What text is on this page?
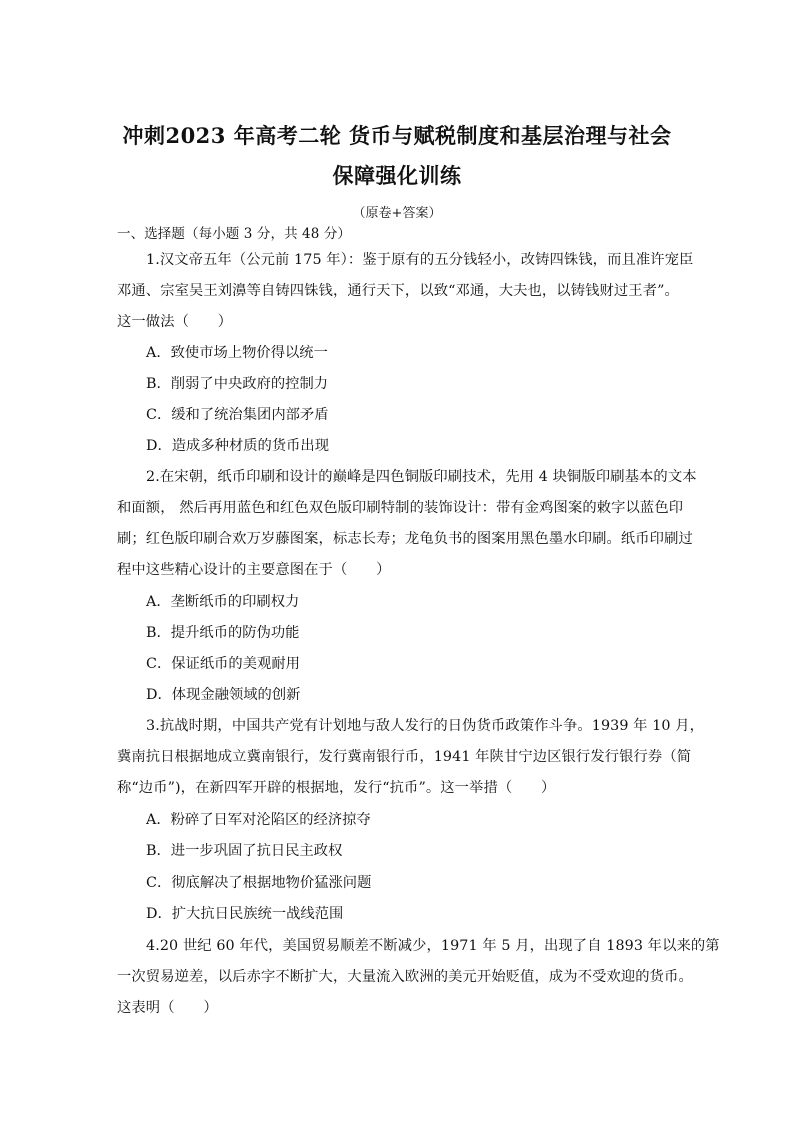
冲刺2023 年高考二轮 货币与赋税制度和基层治理与社会
保障强化训练
（原卷+答案）
一、选择题（每小题 3 分，共 48 分）
1.汉文帝五年（公元前 175 年）：鉴于原有的五分钱轻小，改铸四铢钱，而且准许宠臣
邓通、宗室吴王刘濞等自铸四铢钱，通行天下，以致“邓通，大夫也，以铸钱财过王者”。
这一做法（　　）
A．致使市场上物价得以统一
B．削弱了中央政府的控制力
C．缓和了统治集团内部矛盾
D．造成多种材质的货币出现
2.在宋朝，纸币印刷和设计的巅峰是四色铜版印刷技术，先用 4 块铜版印刷基本的文本
和面额， 然后再用蓝色和红色双色版印刷特制的装饰设计：带有金鸡图案的敕字以蓝色印
刷；红色版印刷合欢万岁藤图案，标志长寿；龙龟负书的图案用黑色墨水印刷。纸币印刷过
程中这些精心设计的主要意图在于（　　）
A．垄断纸币的印刷权力
B．提升纸币的防伪功能
C．保证纸币的美观耐用
D．体现金融领域的创新
3.抗战时期，中国共产党有计划地与敌人发行的日伪货币政策作斗争。1939 年 10 月，
冀南抗日根据地成立冀南银行，发行冀南银行币，1941 年陕甘宁边区银行发行银行券（简
称“边币”)，在新四军开辟的根据地，发行“抗币”。这一举措（　　）
A．粉碎了日军对沦陷区的经济掠夺
B．进一步巩固了抗日民主政权
C．彻底解决了根据地物价猛涨问题
D．扩大抗日民族统一战线范围
4.20 世纪 60 年代，美国贸易顺差不断减少，1971 年 5 月，出现了自 1893 年以来的第
一次贸易逆差，以后赤字不断扩大，大量流入欧洲的美元开始贬值，成为不受欢迎的货币。
这表明（　　）
